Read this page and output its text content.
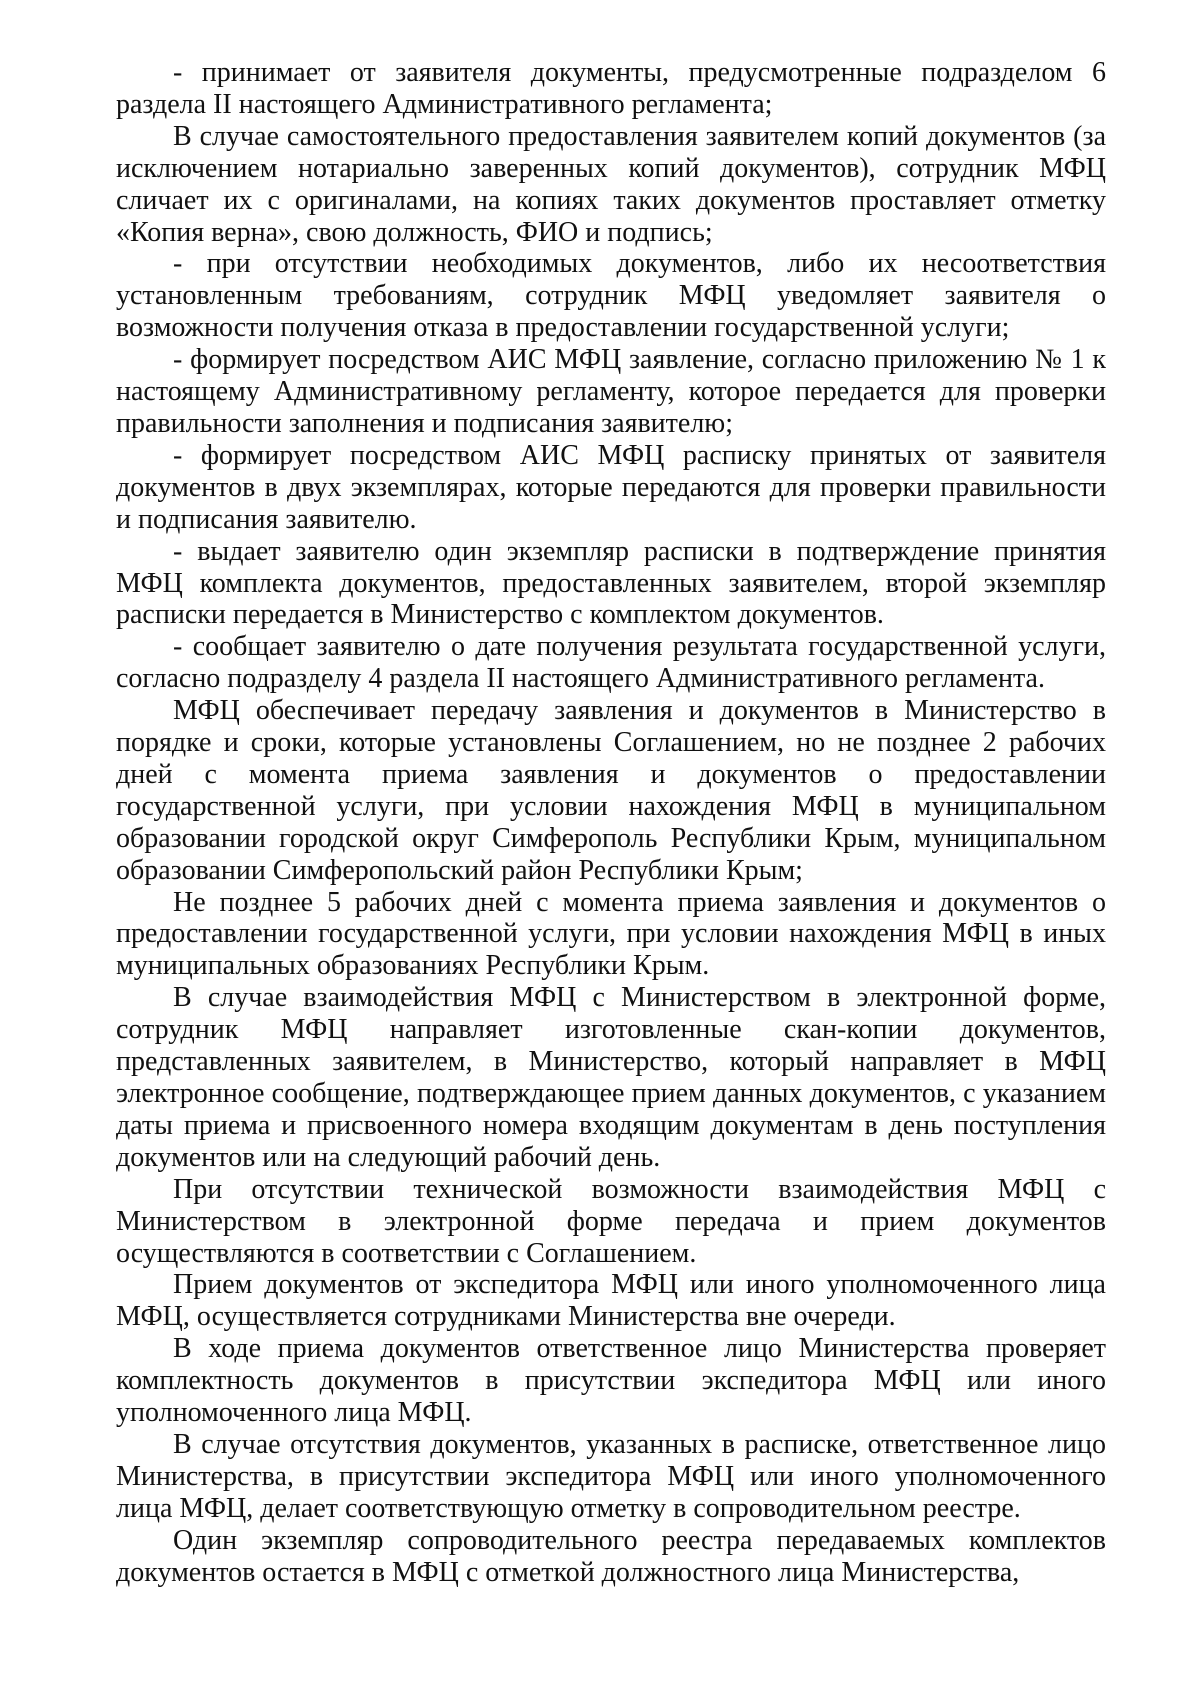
- принимает от заявителя документы, предусмотренные подразделом 6 раздела II настоящего Административного регламента;

В случае самостоятельного предоставления заявителем копий документов (за исключением нотариально заверенных копий документов), сотрудник МФЦ сличает их с оригиналами, на копиях таких документов проставляет отметку «Копия верна», свою должность, ФИО и подпись;

- при отсутствии необходимых документов, либо их несоответствия установленным требованиям, сотрудник МФЦ уведомляет заявителя о возможности получения отказа в предоставлении государственной услуги;

- формирует посредством АИС МФЦ заявление, согласно приложению № 1 к настоящему Административному регламенту, которое передается для проверки правильности заполнения и подписания заявителю;

- формирует посредством АИС МФЦ расписку принятых от заявителя документов в двух экземплярах, которые передаются для проверки правильности и подписания заявителю.

- выдает заявителю один экземпляр расписки в подтверждение принятия МФЦ комплекта документов, предоставленных заявителем, второй экземпляр расписки передается в Министерство с комплектом документов.

- сообщает заявителю о дате получения результата государственной услуги, согласно подразделу 4 раздела II настоящего Административного регламента.

МФЦ обеспечивает передачу заявления и документов в Министерство в порядке и сроки, которые установлены Соглашением, но не позднее 2 рабочих дней с момента приема заявления и документов о предоставлении государственной услуги, при условии нахождения МФЦ в муниципальном образовании городской округ Симферополь Республики Крым, муниципальном образовании Симферопольский район Республики Крым;

Не позднее 5 рабочих дней с момента приема заявления и документов о предоставлении государственной услуги, при условии нахождения МФЦ в иных муниципальных образованиях Республики Крым.

В случае взаимодействия МФЦ с Министерством в электронной форме, сотрудник МФЦ направляет изготовленные скан-копии документов, представленных заявителем, в Министерство, который направляет в МФЦ электронное сообщение, подтверждающее прием данных документов, с указанием даты приема и присвоенного номера входящим документам в день поступления документов или на следующий рабочий день.

При отсутствии технической возможности взаимодействия МФЦ с Министерством в электронной форме передача и прием документов осуществляются в соответствии с Соглашением.

Прием документов от экспедитора МФЦ или иного уполномоченного лица МФЦ, осуществляется сотрудниками Министерства вне очереди.

В ходе приема документов ответственное лицо Министерства проверяет комплектность документов в присутствии экспедитора МФЦ или иного уполномоченного лица МФЦ.

В случае отсутствия документов, указанных в расписке, ответственное лицо Министерства, в присутствии экспедитора МФЦ или иного уполномоченного лица МФЦ, делает соответствующую отметку в сопроводительном реестре.

Один экземпляр сопроводительного реестра передаваемых комплектов документов остается в МФЦ с отметкой должностного лица Министерства,
